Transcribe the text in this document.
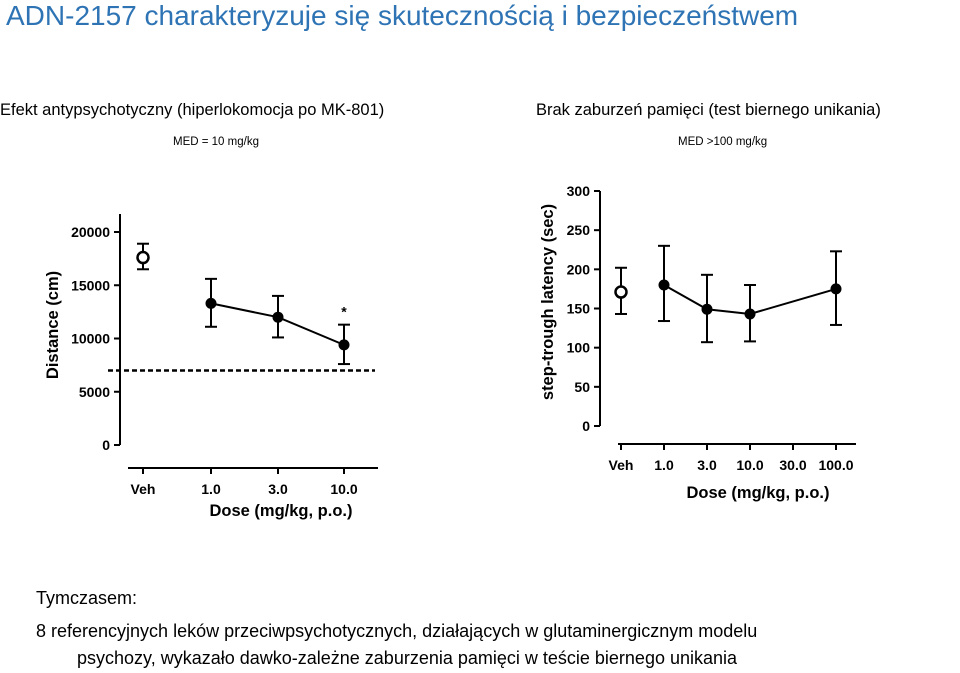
ADN-2157 charakteryzuje się skutecznością i bezpieczeństwem
Efekt antypsychotyczny (hiperlokomocja po MK-801)
MED = 10 mg/kg
Brak zaburzeń pamięci (test biernego unikania)
MED >100 mg/kg
Distance (cm)
Dose (mg/kg, p.o.)
0
5000
10000
15000
20000
Veh	1.0	3.0	10.0
*	step-trough latency (sec)
Dose (mg/kg, p.o.)
0
50
100
150
200
250
300
Veh 1.0 3.0 10.0 30.0 100.0
Tymczasem:
8 referencyjnych leków przeciwpsychotycznych, działających w glutaminergicznym modelu
psychozy, wykazało dawko-zależne zaburzenia pamięci w teście biernego unikania
